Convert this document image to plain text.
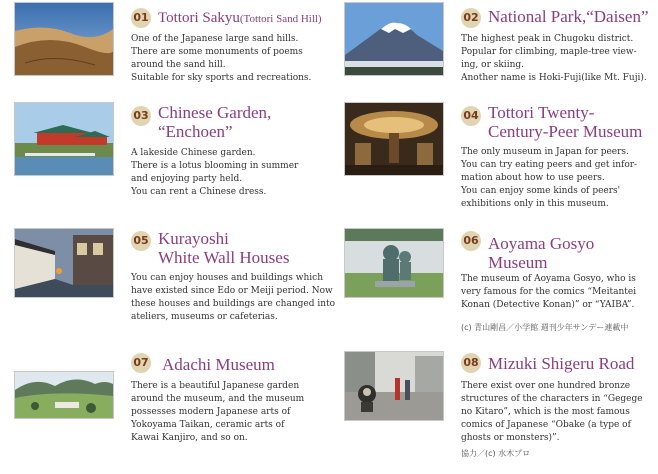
01 Tottori Sakyu(Tottori Sand Hill)
One of the Japanese large sand hills.
There are some monuments of poems
around the sand hill.
Suitable for sky sports and recreations.
02 National Park,“Daisen”
The highest peak in Chugoku district.
Popular for climbing, maple-tree view-
ing, or skiing.
Another name is Hoki-Fuji(like Mt. Fuji).
03 Chinese Garden,
“Enchoen”
A lakeside Chinese garden.
There is a lotus blooming in summer
and enjoying party held.
You can rent a Chinese dress.
04 Tottori Twenty-
Century-Peer Museum
The only museum in Japan for peers.
You can try eating peers and get infor-
mation about how to use peers.
You can enjoy some kinds of peers'
exhibitions only in this museum.
05 Kurayoshi
White Wall Houses
You can enjoy houses and buildings which
have existed since Edo or Meiji period. Now
these houses and buildings are changed into
ateliers, museums or cafeterias.
06 Aoyama Gosyo
Museum
The museum of Aoyama Gosyo, who is
very famous for the comics “Meitantei
Konan (Detective Konan)” or “YAIBA”.
(c) 青山剛昌／小学館 週刊少年サンデー連載中
07 Adachi Museum
There is a beautiful Japanese garden
around the museum, and the museum
possesses modern Japanese arts of
Yokoyama Taikan, ceramic arts of
Kawai Kanjiro, and so on.
08 Mizuki Shigeru Road
There exist over one hundred bronze
structures of the characters in “Gegege
no Kitaro”, which is the most famous
comics of Japanese “Obake (a type of
ghosts or monsters)”.
協力／(c) 水木プロ
